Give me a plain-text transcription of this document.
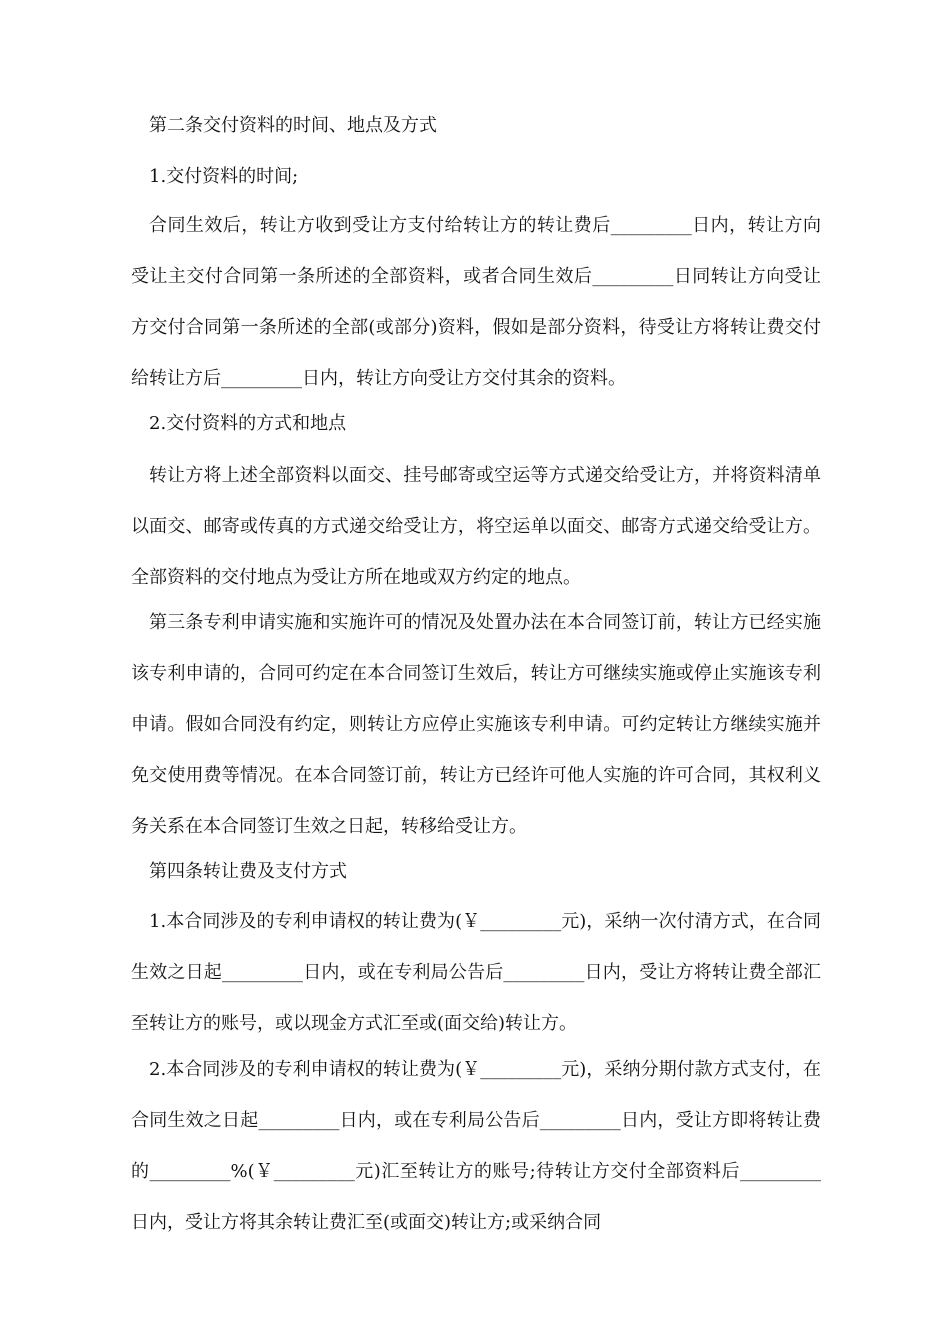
第二条交付资料的时间、地点及方式

1.交付资料的时间;

合同生效后，转让方收到受让方支付给转让方的转让费后_________日内，转让方向受让主交付合同第一条所述的全部资料，或者合同生效后_________日同转让方向受让方交付合同第一条所述的全部(或部分)资料，假如是部分资料，待受让方将转让费交付给转让方后_________日内，转让方向受让方交付其余的资料。

2.交付资料的方式和地点

转让方将上述全部资料以面交、挂号邮寄或空运等方式递交给受让方，并将资料清单以面交、邮寄或传真的方式递交给受让方，将空运单以面交、邮寄方式递交给受让方。全部资料的交付地点为受让方所在地或双方约定的地点。

第三条专利申请实施和实施许可的情况及处置办法在本合同签订前，转让方已经实施该专利申请的，合同可约定在本合同签订生效后，转让方可继续实施或停止实施该专利申请。假如合同没有约定，则转让方应停止实施该专利申请。可约定转让方继续实施并免交使用费等情况。在本合同签订前，转让方已经许可他人实施的许可合同，其权利义务关系在本合同签订生效之日起，转移给受让方。

第四条转让费及支付方式

1.本合同涉及的专利申请权的转让费为(￥_________元)，采纳一次付清方式，在合同生效之日起_________日内，或在专利局公告后_________日内，受让方将转让费全部汇至转让方的账号，或以现金方式汇至或(面交给)转让方。

2.本合同涉及的专利申请权的转让费为(￥_________元)，采纳分期付款方式支付，在合同生效之日起_________日内，或在专利局公告后_________日内，受让方即将转让费的_________%(￥_________元)汇至转让方的账号;待转让方交付全部资料后_________日内，受让方将其余转让费汇至(或面交)转让方;或采纳合同
